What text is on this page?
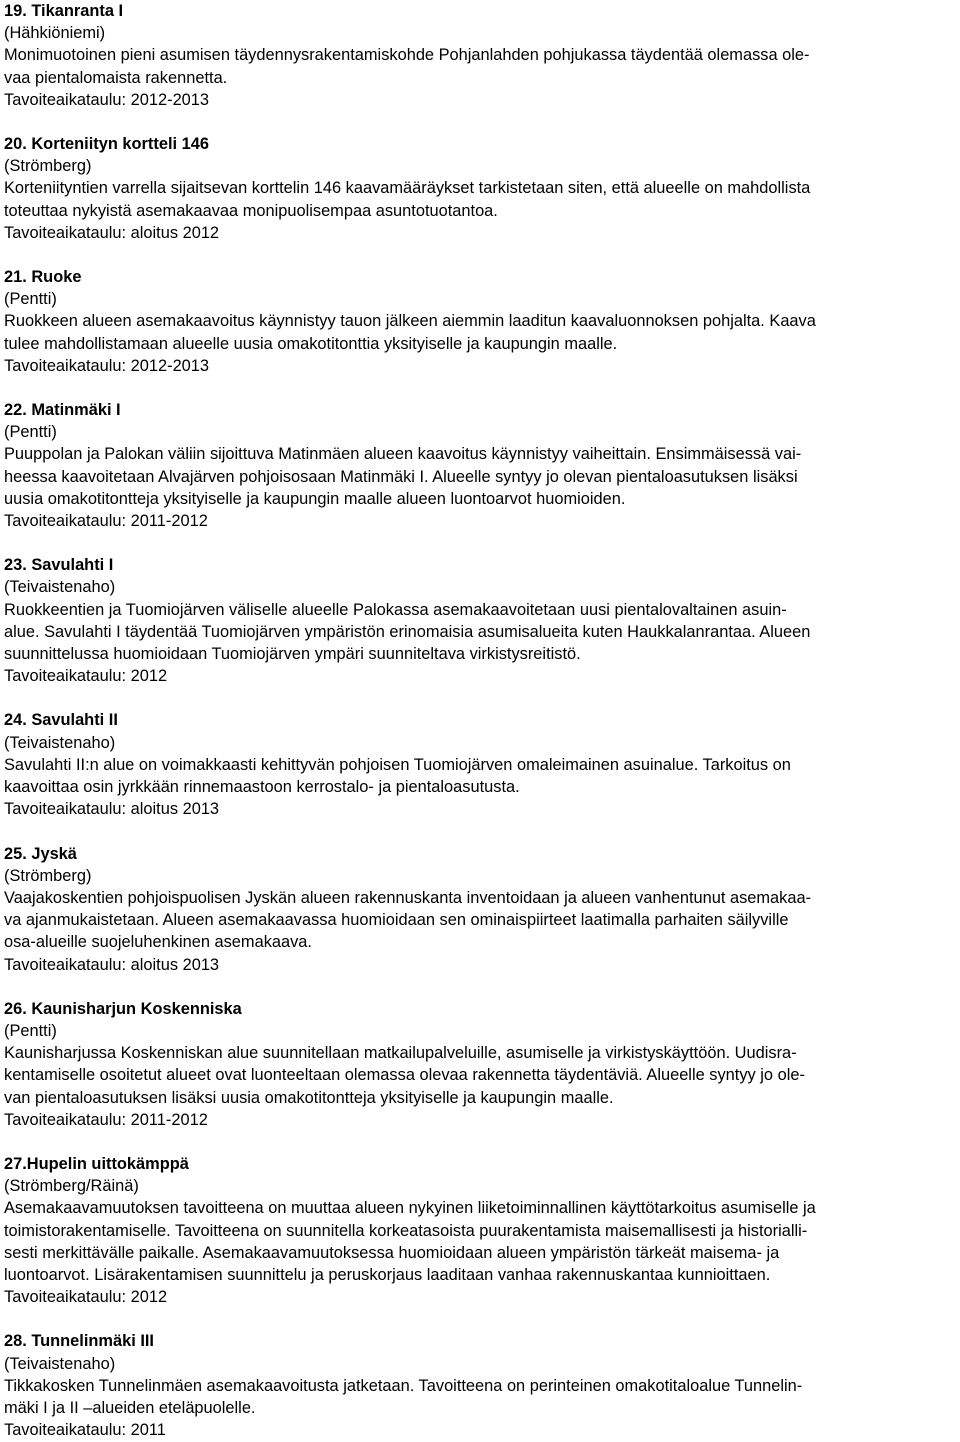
19. Tikanranta I
(Hähkiöniemi)
Monimuotoinen pieni asumisen täydennysrakentamiskohde Pohjanlahden pohjukassa täydentää olemassa ole-
vaa pientalomaista rakennetta.
Tavoiteaikataulu: 2012-2013
20. Korteniityn kortteli 146
(Strömberg)
Korteniityntien varrella sijaitsevan korttelin 146 kaavamääräykset tarkistetaan siten, että alueelle on mahdollista
toteuttaa nykyistä asemakaavaa monipuolisempaa asuntotuotantoa.
Tavoiteaikataulu: aloitus 2012
21. Ruoke
(Pentti)
Ruokkeen alueen asemakaavoitus käynnistyy tauon jälkeen aiemmin laaditun kaavaluonnoksen pohjalta. Kaava
tulee mahdollistamaan alueelle uusia omakotitonttia yksityiselle ja kaupungin maalle.
Tavoiteaikataulu: 2012-2013
22. Matinmäki I
(Pentti)
Puuppolan ja Palokan väliin sijoittuva Matinmäen alueen kaavoitus käynnistyy vaiheittain. Ensimmäisessä vai-
heessa kaavoitetaan Alvajärven pohjoisosaan Matinmäki I. Alueelle syntyy jo olevan pientaloasutuksen lisäksi
uusia omakotitontteja yksityiselle ja kaupungin maalle alueen luontoarvot huomioiden.
Tavoiteaikataulu: 2011-2012
23. Savulahti I
(Teivaistenaho)
Ruokkeentien ja Tuomiojärven väliselle alueelle Palokassa asemakaavoitetaan uusi pientalovaltainen asuin-
alue. Savulahti I täydentää Tuomiojärven ympäristön erinomaisia asumisalueita kuten Haukkalanrantaa. Alueen
suunnittelussa huomioidaan Tuomiojärven ympäri suunniteltava virkistysreitistö.
Tavoiteaikataulu: 2012
24. Savulahti II
(Teivaistenaho)
Savulahti II:n alue on voimakkaasti kehittyvän pohjoisen Tuomiojärven omaleimainen asuinalue. Tarkoitus on
kaavoittaa osin jyrkkään rinnemaastoon kerrostalo- ja pientaloasutusta.
Tavoiteaikataulu: aloitus 2013
25. Jyskä
(Strömberg)
Vaajakoskentien pohjoispuolisen Jyskän alueen rakennuskanta inventoidaan ja alueen vanhentunut asemakaa-
va ajanmukaistetaan. Alueen asemakaavassa huomioidaan sen ominaispiirteet laatimalla parhaiten säilyville
osa-alueille suojeluhenkinen asemakaava.
Tavoiteaikataulu: aloitus 2013
26. Kaunisharjun Koskenniska
(Pentti)
Kaunisharjussa Koskenniskan alue suunnitellaan matkailupalveluille, asumiselle ja virkistyskäyttöön. Uudisra-
kentamiselle osoitetut alueet ovat luonteeltaan olemassa olevaa rakennetta täydentäviä. Alueelle syntyy jo ole-
van pientaloasutuksen lisäksi uusia omakotitontteja yksityiselle ja kaupungin maalle.
Tavoiteaikataulu: 2011-2012
27.Hupelin uittokämppä
(Strömberg/Räinä)
Asemakaavamuutoksen tavoitteena on muuttaa alueen nykyinen liiketoiminnallinen käyttötarkoitus asumiselle ja
toimistorakentamiselle. Tavoitteena on suunnitella korkeatasoista puurakentamista maisemallisesti ja historialli-
sesti merkittävälle paikalle. Asemakaavamuutoksessa huomioidaan alueen ympäristön tärkeät maisema- ja
luontoarvot. Lisärakentamisen suunnittelu ja peruskorjaus laaditaan vanhaa rakennuskantaa kunnioittaen.
Tavoiteaikataulu: 2012
28. Tunnelinmäki III
(Teivaistenaho)
Tikkakosken Tunnelinmäen asemakaavoitusta jatketaan. Tavoitteena on perinteinen omakotitaloalue Tunnelin-
mäki I ja II –alueiden eteläpuolelle.
Tavoiteaikataulu: 2011
